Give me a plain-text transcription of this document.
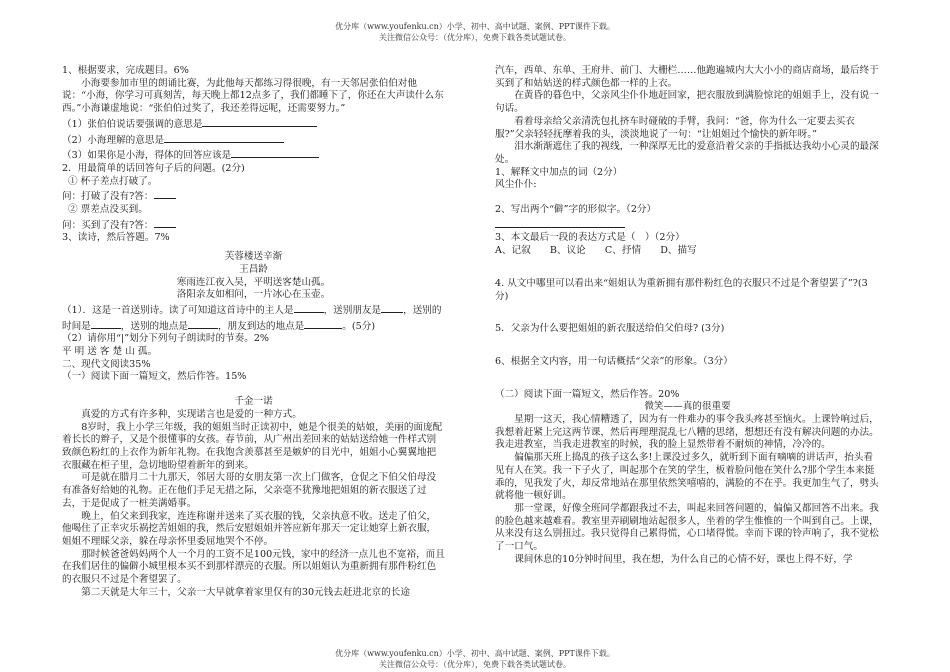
优分库（www.youfenku.cn）小学、初中、高中试题、案例、PPT课件下载。
关注微信公众号：（优分库），免费下载各类试题试卷。

1、根据要求，完成题目。6%

小海要参加市里的朗诵比赛，为此他每天都练习得很晚，有一天邻居张伯伯对他说：“小海，你学习可真刻苦，每天晚上都12点多了，我们都睡下了，你还在大声读什么东西。”小海谦虚地说：“张伯伯过奖了，我还差得远呢，还需要努力。”

（1）张伯伯说话要强调的意思是

（2）小海理解的意思是

（3）如果你是小海，得体的回答应该是

2．用最简单的话回答句子后的问题。(2分)

① 杯子差点打破了。

问：打破了没有?答：

② 票差点没买到。

问：买到了没有?答：

3、读诗，然后答题。7%

芙蓉楼送辛渐

王昌龄

寒雨连江夜入吴，平明送客楚山孤。

洛阳亲友如相问，一片冰心在玉壶。

（1）．这是一首送别诗。读了可知道这首诗中的主人是	，送别朋友是 ，送别的时间是	，送别的地点是	，朋友到达的地点是	。(5分)

（2）请你用“|”划分下列句子朗读时的节奏。2%

平 明 送 客 楚 山 孤。

二、现代文阅读35%

（一）阅读下面一篇短文，然后作答。15%

千金一诺

真爱的方式有许多种，实现诺言也是爱的一种方式。

8岁时，我上小学三年级，我的姐姐当时正读初中，她是个很美的姑娘，美丽的面庞配着长长的辫子，又是个很懂事的女孩。春节前，从广州出差回来的姑姑送给她一件样式别致颜色粉红的上衣作为新年礼物。在我饱含羡慕甚至是嫉妒的目光中，姐姐小心翼翼地把衣服藏在柜子里，急切地盼望着新年的到来。

可是就在腊月二十九那天，邻居大哥的女朋友第一次上门做客，仓促之下伯父伯母没有准备好给她的礼物。正在他们手足无措之际，父亲毫不犹豫地把姐姐的新衣服送了过去，于是促成了一桩美满婚事。

晚上，伯父来到我家，连连称谢并送来了买衣服的钱，父亲执意不收。送走了伯父，他喝住了正幸灾乐祸挖苦姐姐的我，然后安慰姐姐并答应新年那天一定让她穿上新衣服，姐姐不理睬父亲，躲在母亲怀里委屈地哭个不停。

那时候爸爸妈妈两个人一个月的工资不足100元钱，家中的经济一点儿也不宽裕，而且在我们居住的偏僻小城里根本买不到那样漂亮的衣服。所以姐姐认为重新拥有那件粉红色的衣服只不过是个奢望罢了。

第二天就是大年三十，父亲一大早就拿着家里仅有的30元钱去赶进北京的长途

汽车，西单、东单、王府井、前门、大栅栏……他跑遍城内大大小小的商店商场，最后终于买到了和姑姑送的样式颜色都一样的上衣。

在黄昏的暮色中，父亲风尘仆仆地赶回家，把衣服放到满脸惊诧的姐姐手上，没有说一句话。

看着母亲给父亲清洗包扎挤车时碰破的手臂，我问：“爸，你为什么一定要去买衣服?”父亲轻轻抚摩着我的头，淡淡地说了一句：“让姐姐过个愉快的新年呀。”

泪水渐渐遮住了我的视线，一种深厚无比的爱意沿着父亲的手指抵达我幼小心灵的最深处。

1、解释文中加点的词（2分）

风尘仆仆:

2、写出两个“僻”字的形似字。（2分）

3、本文最后一段的表达方式是（　）（2分）

A、记叙　　B、议论　　C、抒情　　D、描写

4. 从文中哪里可以看出来“姐姐认为重新拥有那件粉红色的衣服只不过是个奢望罢了”?(3分)

5．父亲为什么要把姐姐的新衣服送给伯父伯母? (3分)

6、根据全文内容，用一句话概括“父亲”的形象。（3分）

（二）阅读下面一篇短文，然后作答。20%

微笑——真的很重要

星期一这天，我心情糟透了，因为有一件难办的事令我头疼甚至恼火。上课铃响过后，我想着赶紧上完这两节课，然后再理理混乱七八糟的思绪，想想还有没有解决问题的办法。我走进教室，当我走进教室的时候，我的脸上显然带着不耐烦的神情，冷冷的。

偏偏那天班上捣乱的孩子这么多!上课没过多久，就听到下面有嘀嘀的讲话声，抬头看见有人在笑。我一下子火了，叫起那个在笑的学生，板着脸问他在笑什么?那个学生本来挺乖的，见我发了火，却反常地站在那里依然笑嘻嘻的，满脸的不在乎。我更加生气了，劈头就将他一顿好训。

那一堂课，好像全班同学都跟我过不去，叫起来回答问题的，偏偏又都回答不出来。我的脸色越来越难看。教室里弄刷刷地站起很多人，坐着的学生惟惟的一个叫到自己。上课，从来没有这么别扭过。我只觉得自己累得慌，心口堵得慌。幸而下课的铃声响了，我不觉松了一口气。

课间休息的10分钟时间里，我在想，为什么自己的心情不好，课也上得不好，学

优分库（www.youfenku.cn）小学、初中、高中试题、案例、PPT课件下载。
关注微信公众号：（优分库），免费下载各类试题试卷。
